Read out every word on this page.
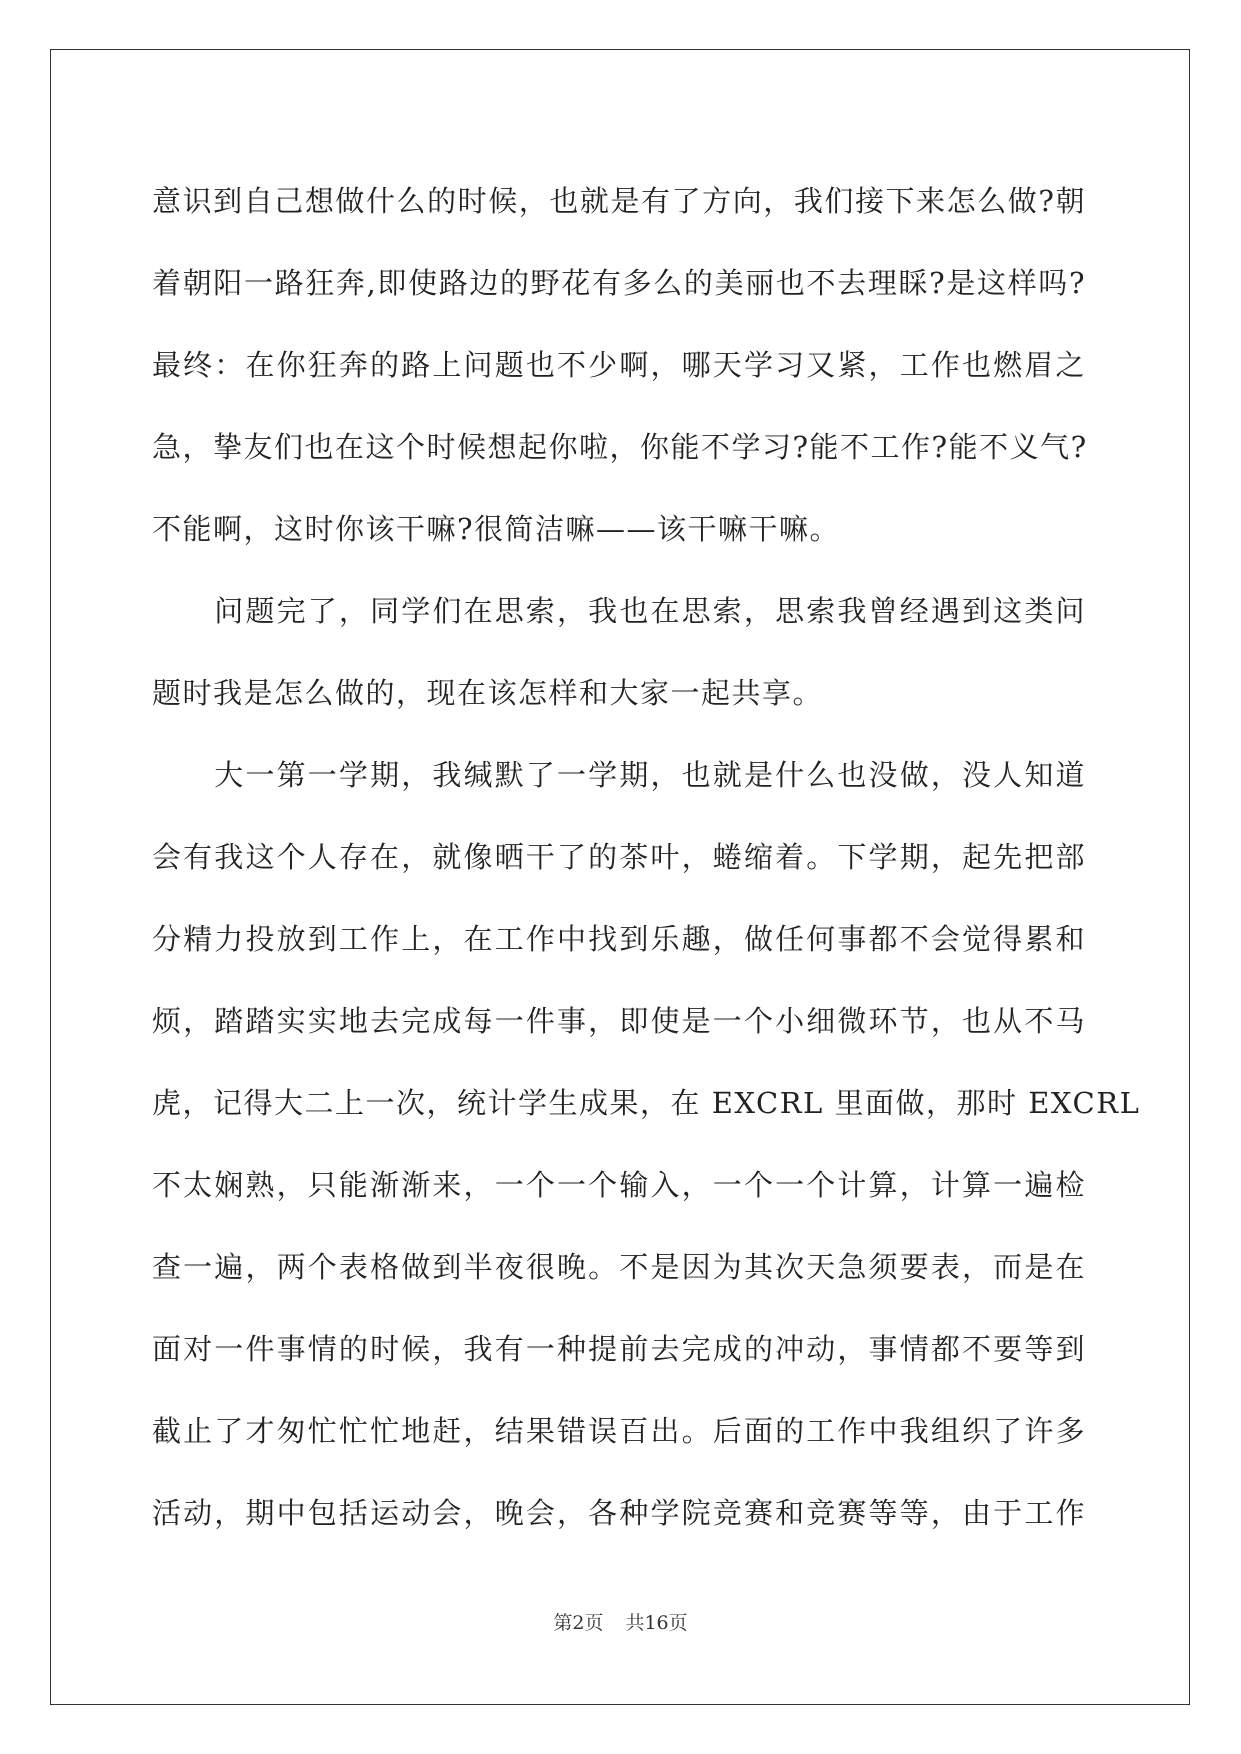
意识到自己想做什么的时候，也就是有了方向，我们接下来怎么做?朝
着朝阳一路狂奔,即使路边的野花有多么的美丽也不去理睬?是这样吗?
最终：在你狂奔的路上问题也不少啊，哪天学习又紧，工作也燃眉之
急，挚友们也在这个时候想起你啦，你能不学习?能不工作?能不义气?
不能啊，这时你该干嘛?很简洁嘛——该干嘛干嘛。
　　问题完了，同学们在思索，我也在思索，思索我曾经遇到这类问
题时我是怎么做的，现在该怎样和大家一起共享。
　　大一第一学期，我缄默了一学期，也就是什么也没做，没人知道
会有我这个人存在，就像晒干了的茶叶，蜷缩着。下学期，起先把部
分精力投放到工作上，在工作中找到乐趣，做任何事都不会觉得累和
烦，踏踏实实地去完成每一件事，即使是一个小细微环节，也从不马
虎，记得大二上一次，统计学生成果，在 EXCRL 里面做，那时 EXCRL
不太娴熟，只能渐渐来，一个一个输入，一个一个计算，计算一遍检
查一遍，两个表格做到半夜很晚。不是因为其次天急须要表，而是在
面对一件事情的时候，我有一种提前去完成的冲动，事情都不要等到
截止了才匆忙忙忙地赶，结果错误百出。后面的工作中我组织了许多
活动，期中包括运动会，晚会，各种学院竞赛和竞赛等等，由于工作
第2页 共16页
